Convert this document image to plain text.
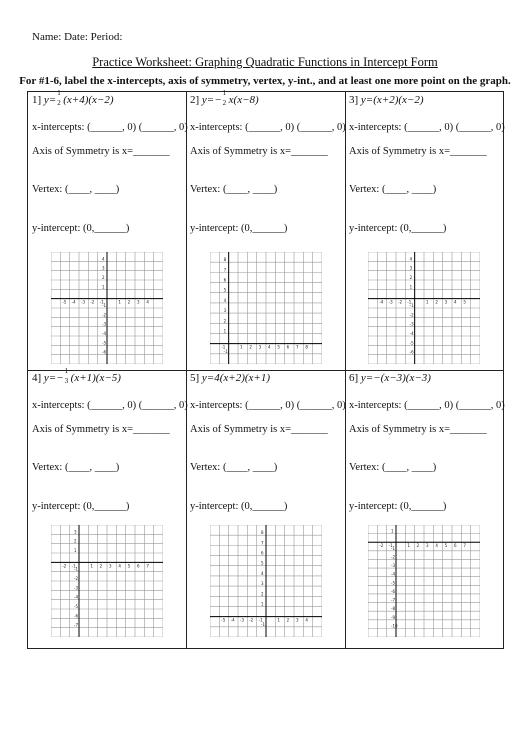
Name: Date: Period:
Practice Worksheet: Graphing Quadratic Functions in Intercept Form
For #1-6, label the x-intercepts, axis of symmetry, vertex, y-int., and at least one more point on the graph.
1] y=
1
2 (x+4)(x−2)
x-intercepts: (______, 0) (______, 0)
Axis of Symmetry is x=_______
Vertex: (____, ____)
y-intercept: (0,______)
-5 -4 -3 -2 -1	1 2 3 4
4
3
2
1
-1
-2
-3
-4
-5
-6
2] y=−
1
2 x(x−8)
x-intercepts: (______, 0) (______, 0)
Axis of Symmetry is x=_______
Vertex: (____, ____)
y-intercept: (0,______)
-1	1 2 3 4 5 6 7 8
8
7
6
5
4
3
2
1
-1
3] y=(x+2)(x−2)
x-intercepts: (______, 0) (______, 0)
Axis of Symmetry is x=_______
Vertex: (____, ____)
y-intercept: (0,______)
-4 -3 -2 -1	1 2 3 4 5
4
3
2
1
-1
-2
-3
-4
-5
-6
4] y=−
1
3 (x+1)(x−5)
x-intercepts: (______, 0) (______, 0)
Axis of Symmetry is x=_______
Vertex: (____, ____)
y-intercept: (0,______)
-2 -1	1 2 3 4 5 6 7
3
2
1
-1
-2
-3
-4
-5
-6
-7
5] y=4(x+2)(x+1)
x-intercepts: (______, 0) (______, 0)
Axis of Symmetry is x=_______
Vertex: (____, ____)
y-intercept: (0,______)
-5 -4 -3 -2 -1	1 2 3 4
8
7
6
5
4
3
2
1
-1
6] y=−(x−3)(x−3)
x-intercepts: (______, 0) (______, 0)
Axis of Symmetry is x=_______
Vertex: (____, ____)
y-intercept: (0,______)
-2 -1	1 2 3 4 5 6 7
1
-1
-2
-3
-4
-5
-6
-7
-8
-9
-10
